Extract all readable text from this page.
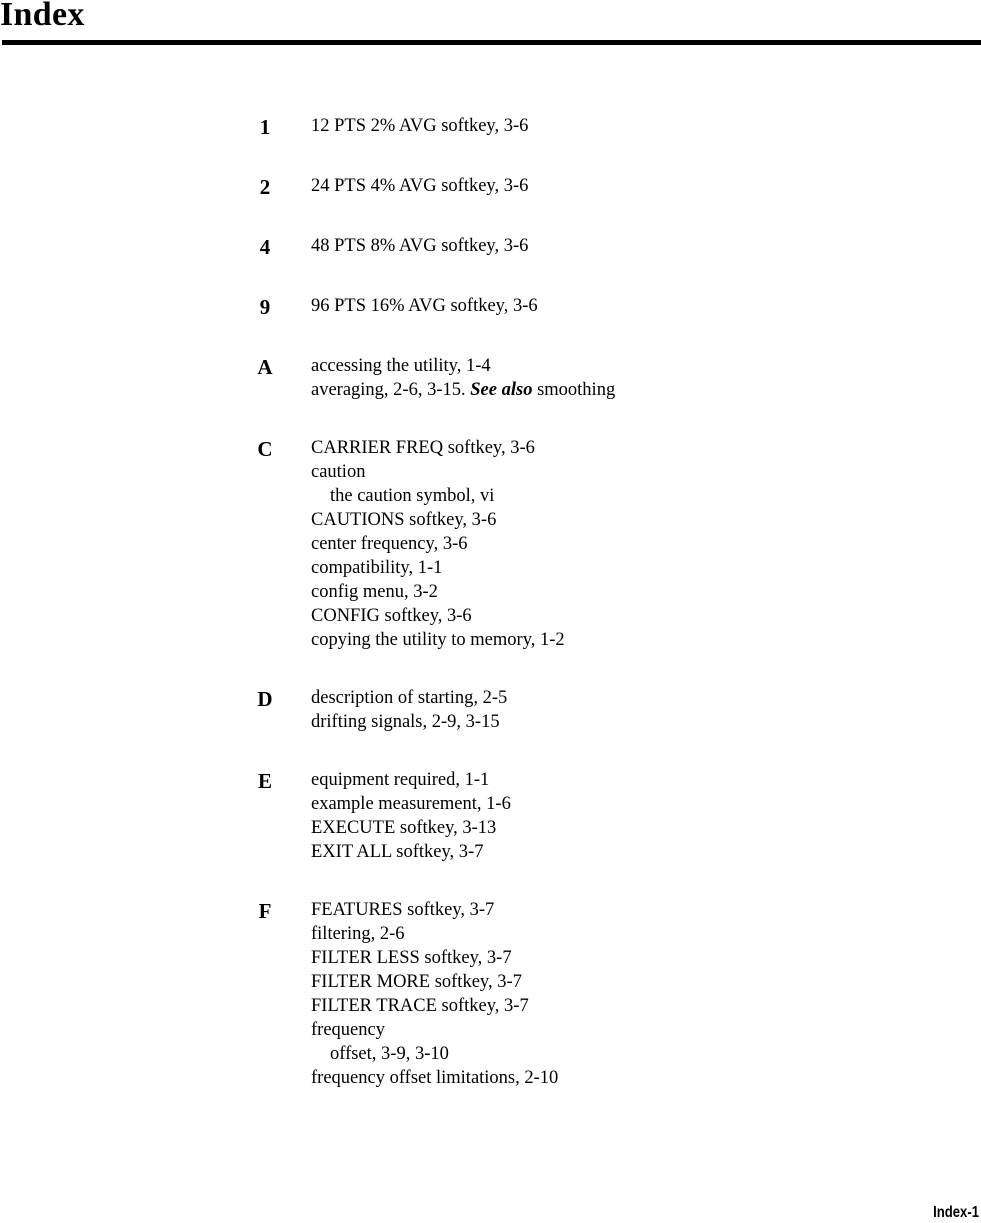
Index
1	12 PTS 2% AVG softkey, 3-6
2	24 PTS 4% AVG softkey, 3-6
4	48 PTS 8% AVG softkey, 3-6
9	96 PTS 16% AVG softkey, 3-6
A	accessing the utility, 1-4
averaging, 2-6, 3-15. See also smoothing
C	CARRIER FREQ softkey, 3-6
caution
the caution symbol, vi
CAUTIONS softkey, 3-6
center frequency, 3-6
compatibility, 1-1
config menu, 3-2
CONFIG softkey, 3-6
copying the utility to memory, 1-2
D	description of starting, 2-5
drifting signals, 2-9, 3-15
E	equipment required, 1-1
example measurement, 1-6
EXECUTE softkey, 3-13
EXIT ALL softkey, 3-7
F	FEATURES softkey, 3-7
filtering, 2-6
FILTER LESS softkey, 3-7
FILTER MORE softkey, 3-7
FILTER TRACE softkey, 3-7
frequency
offset, 3-9, 3-10
frequency offset limitations, 2-10
Index-1
